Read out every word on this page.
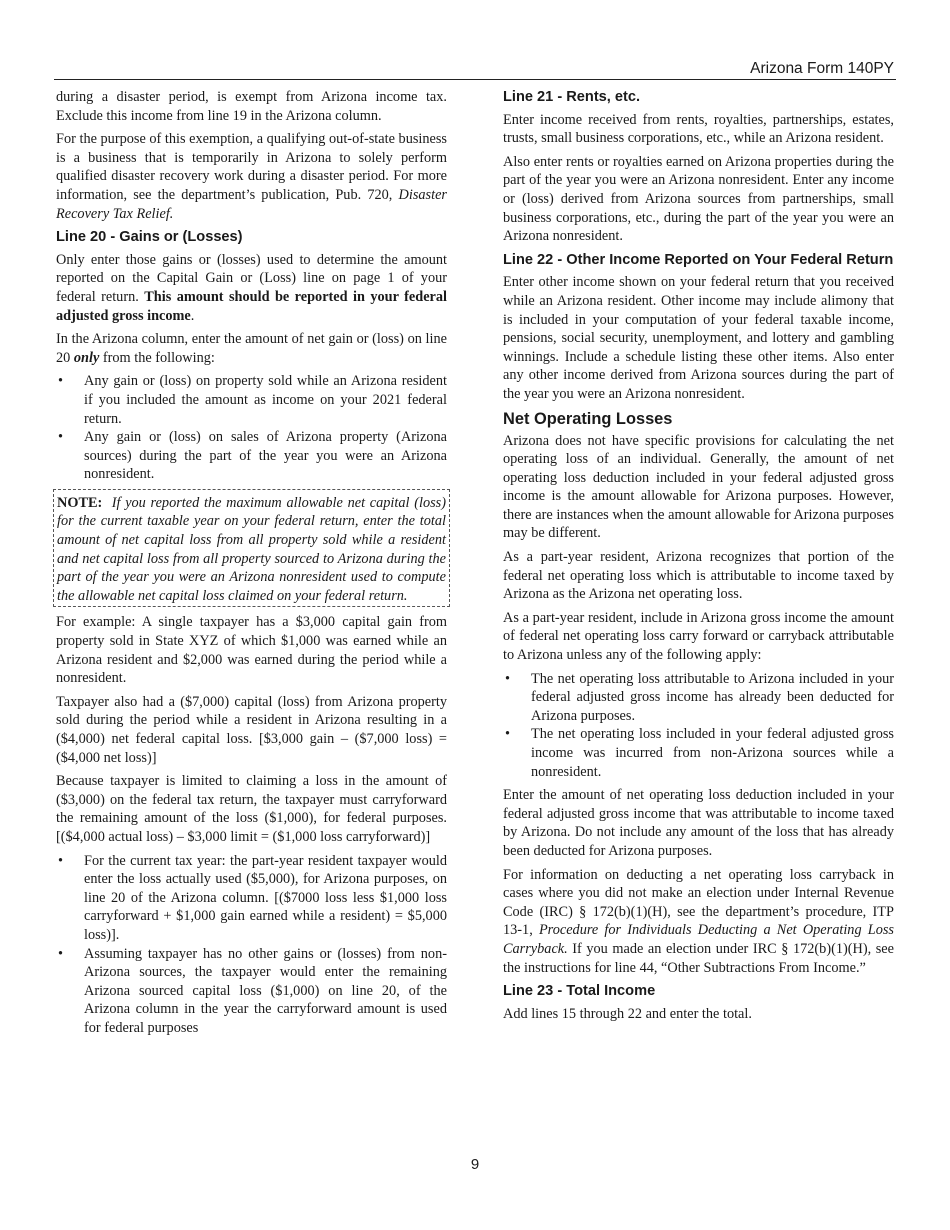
Arizona Form 140PY

during a disaster period, is exempt from Arizona income tax. Exclude this income from line 19 in the Arizona column.

For the purpose of this exemption, a qualifying out-of-state business is a business that is temporarily in Arizona to solely perform qualified disaster recovery work during a disaster period. For more information, see the department’s publication, Pub. 720, Disaster Recovery Tax Relief.

Line 20 - Gains or (Losses)

Only enter those gains or (losses) used to determine the amount reported on the Capital Gain or (Loss) line on page 1 of your federal return. This amount should be reported in your federal adjusted gross income.

In the Arizona column, enter the amount of net gain or (loss) on line 20 only from the following:

• Any gain or (loss) on property sold while an Arizona resident if you included the amount as income on your 2021 federal return.
• Any gain or (loss) on sales of Arizona property (Arizona sources) during the part of the year you were an Arizona nonresident.

NOTE: If you reported the maximum allowable net capital (loss) for the current taxable year on your federal return, enter the total amount of net capital loss from all property sold while a resident and net capital loss from all property sourced to Arizona during the part of the year you were an Arizona nonresident used to compute the allowable net capital loss claimed on your federal return.

For example: A single taxpayer has a $3,000 capital gain from property sold in State XYZ of which $1,000 was earned while an Arizona resident and $2,000 was earned during the period while a nonresident.

Taxpayer also had a ($7,000) capital (loss) from Arizona property sold during the period while a resident in Arizona resulting in a ($4,000) net federal capital loss. [$3,000 gain – ($7,000 loss) = ($4,000 net loss)]

Because taxpayer is limited to claiming a loss in the amount of ($3,000) on the federal tax return, the taxpayer must carryforward the remaining amount of the loss ($1,000), for federal purposes. [($4,000 actual loss) – $3,000 limit = ($1,000 loss carryforward)]

• For the current tax year: the part-year resident taxpayer would enter the loss actually used ($5,000), for Arizona purposes, on line 20 of the Arizona column. [($7000 loss less $1,000 loss carryforward + $1,000 gain earned while a resident) = $5,000 loss)].
• Assuming taxpayer has no other gains or (losses) from non-Arizona sources, the taxpayer would enter the remaining Arizona sourced capital loss ($1,000) on line 20, of the Arizona column in the year the carryforward amount is used for federal purposes
Line 21 - Rents, etc.

Enter income received from rents, royalties, partnerships, estates, trusts, small business corporations, etc., while an Arizona resident.

Also enter rents or royalties earned on Arizona properties during the part of the year you were an Arizona nonresident. Enter any income or (loss) derived from Arizona sources from partnerships, small business corporations, etc., during the part of the year you were an Arizona nonresident.

Line 22 - Other Income Reported on Your Federal Return

Enter other income shown on your federal return that you received while an Arizona resident. Other income may include alimony that is included in your computation of your federal taxable income, pensions, social security, unemployment, and lottery and gambling winnings. Include a schedule listing these other items. Also enter any other income derived from Arizona sources during the part of the year you were an Arizona nonresident.

Net Operating Losses

Arizona does not have specific provisions for calculating the net operating loss of an individual. Generally, the amount of net operating loss deduction included in your federal adjusted gross income is the amount allowable for Arizona purposes. However, there are instances when the amount allowable for Arizona purposes may be different.

As a part-year resident, Arizona recognizes that portion of the federal net operating loss which is attributable to income taxed by Arizona as the Arizona net operating loss.

As a part-year resident, include in Arizona gross income the amount of federal net operating loss carry forward or carryback attributable to Arizona unless any of the following apply:

• The net operating loss attributable to Arizona included in your federal adjusted gross income has already been deducted for Arizona purposes.
• The net operating loss included in your federal adjusted gross income was incurred from non-Arizona sources while a nonresident.

Enter the amount of net operating loss deduction included in your federal adjusted gross income that was attributable to income taxed by Arizona. Do not include any amount of the loss that has already been deducted for Arizona purposes.

For information on deducting a net operating loss carryback in cases where you did not make an election under Internal Revenue Code (IRC) § 172(b)(1)(H), see the department’s procedure, ITP 13-1, Procedure for Individuals Deducting a Net Operating Loss Carryback. If you made an election under IRC § 172(b)(1)(H), see the instructions for line 44, “Other Subtractions From Income.”

Line 23 - Total Income

Add lines 15 through 22 and enter the total.

9
